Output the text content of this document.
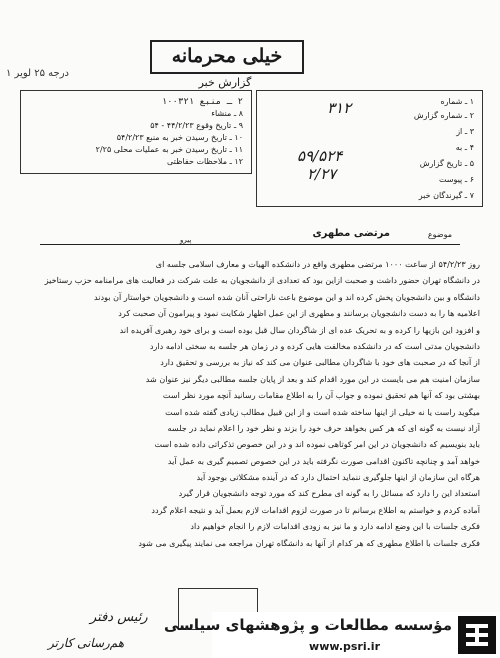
درجه ۲۵ لویر ۱
خیلی محرمانه
گزارش خبر
۲ ـ منبع ۱۰۰۳۲۱
۸ ـ منشاء
۹ ـ تاریخ وقوع ۴۴/۲/۲۳ - ۵۴
۱۰ ـ تاریخ رسیدن خبر به منبع ۵۴/۲/۲۳
۱۱ ـ تاریخ رسیدن خبر به عملیات محلی ۲/۲۵
۱۲ ـ ملاحظات حفاظتی
۱ ـ شماره
۲ ـ شماره گزارش
۳ ـ از
۴ ـ به
۵ ـ تاریخ گزارش
۶ ـ پیوست
۷ ـ گیرندگان خبر
۳۱۲
۵۹/۵۲۴
۲/۲۷
موضوع
مرتضی مطهری
پیرو
روز ۵۴/۲/۲۳ از ساعت ۱۰۰۰ مرتضی مطهری واقع در دانشکده الهیات و معارف اسلامی جلسه ای
در دانشگاه تهران حضور داشت و صحبت ازاین بود که تعدادی از دانشجویان به علت شرکت در فعالیت های مرامنامه حزب رستاخیز
دانشگاه و بین دانشجویان پخش کرده اند و این موضوع باعث ناراحتی آنان شده است و دانشجویان خواستار آن بودند
اعلامیه ها را به دست دانشجویان برسانند و مطهری از این عمل اظهار شکایت نمود و پیرامون آن صحبت کرد
و افزود این بازیها را کرده و به تحریک عده ای از شاگردان سال قبل بوده است و برای خود رهبری آفریده اند
دانشجویان مدتی است که در دانشکده مخالفت هایی کرده و در زمان هر جلسه به سختی ادامه دارد
از آنجا که در صحبت های خود با شاگردان مطالبی عنوان می کند که نیاز به بررسی و تحقیق دارد
سازمان امنیت هم می بایست در این مورد اقدام کند و بعد از پایان جلسه مطالبی دیگر نیز عنوان شد
بهشتی بود که آنها هم تحقیق نموده و جواب آن را به اطلاع مقامات رسانید آنچه مورد نظر است
میگوید راست یا نه خیلی از اینها ساخته شده است و از این قبیل مطالب زیادی گفته شده است
آزاد نیست به گونه ای که هر کس بخواهد حرف خود را بزند و نظر خود را اعلام نماید در جلسه
باید بنویسیم که دانشجویان در این امر کوتاهی نموده اند و در این خصوص تذکراتی داده شده است
خواهد آمد و چنانچه تاکنون اقدامی صورت نگرفته باید در این خصوص تصمیم گیری به عمل آید
هرگاه این سازمان از اینها جلوگیری ننماید احتمال دارد که در آینده مشکلاتی بوجود آید
استعداد این را دارد که مسائل را به گونه ای مطرح کند که مورد توجه دانشجویان قرار گیرد
آماده کردم و خواستم به اطلاع برسانم تا در صورت لزوم اقدامات لازم بعمل آید و نتیجه اعلام گردد
فکری جلسات با این وضع ادامه دارد و ما نیز به زودی اقدامات لازم را انجام خواهیم داد
فکری جلسات با اطلاع مطهری که هر کدام از آنها به دانشگاه تهران مراجعه می نمایند پیگیری می شود
رئیس دفتر
هم‌رسانی کارتر
مؤسسه مطالعات و پژوهشهای سیاسی
www.psri.ir
